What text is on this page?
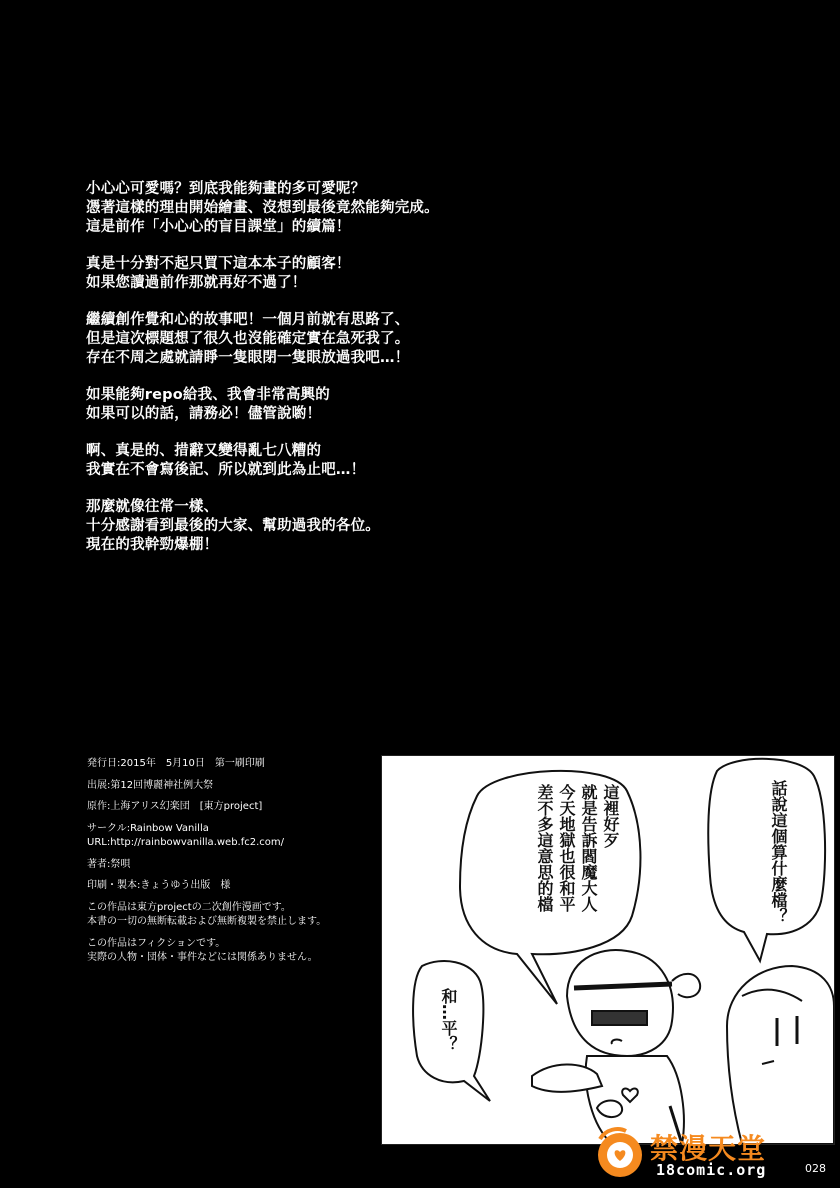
小心心可愛嗎？到底我能夠畫的多可愛呢？
憑著這樣的理由開始繪畫、沒想到最後竟然能夠完成。
這是前作「小心心的盲目課堂」的續篇！
真是十分對不起只買下這本本子的顧客！
如果您讀過前作那就再好不過了！
繼續創作覺和心的故事吧！一個月前就有思路了、
但是這次標題想了很久也沒能確定實在急死我了。
存在不周之處就請睜一隻眼閉一隻眼放過我吧…！
如果能夠repo給我、我會非常高興的
如果可以的話，請務必！儘管說喲！
啊、真是的、措辭又變得亂七八糟的
我實在不會寫後記、所以就到此為止吧…！
那麼就像往常一樣、
十分感謝看到最後的大家、幫助過我的各位。
現在的我幹勁爆棚！
発行日:2015年　5月10日　第一刷印刷
出展:第12回博麗神社例大祭
原作:上海アリス幻楽団　[東方project]
サークル:Rainbow Vanilla
URL:http://rainbowvanilla.web.fc2.com/
著者:祭唄
印刷・製本:きょうゆう出版　様
この作品は東方projectの二次創作漫画です。
本書の一切の無断転載および無断複製を禁止します。
この作品はフィクションです。
実際の人物・団体・事件などには関係ありません。
這裡好歹
就是告訴閻魔大人
今天地獄也很和平
差不多這意思的檔	話說這個算什麼檔？
和…平？
禁漫天堂
18comic.org	028
